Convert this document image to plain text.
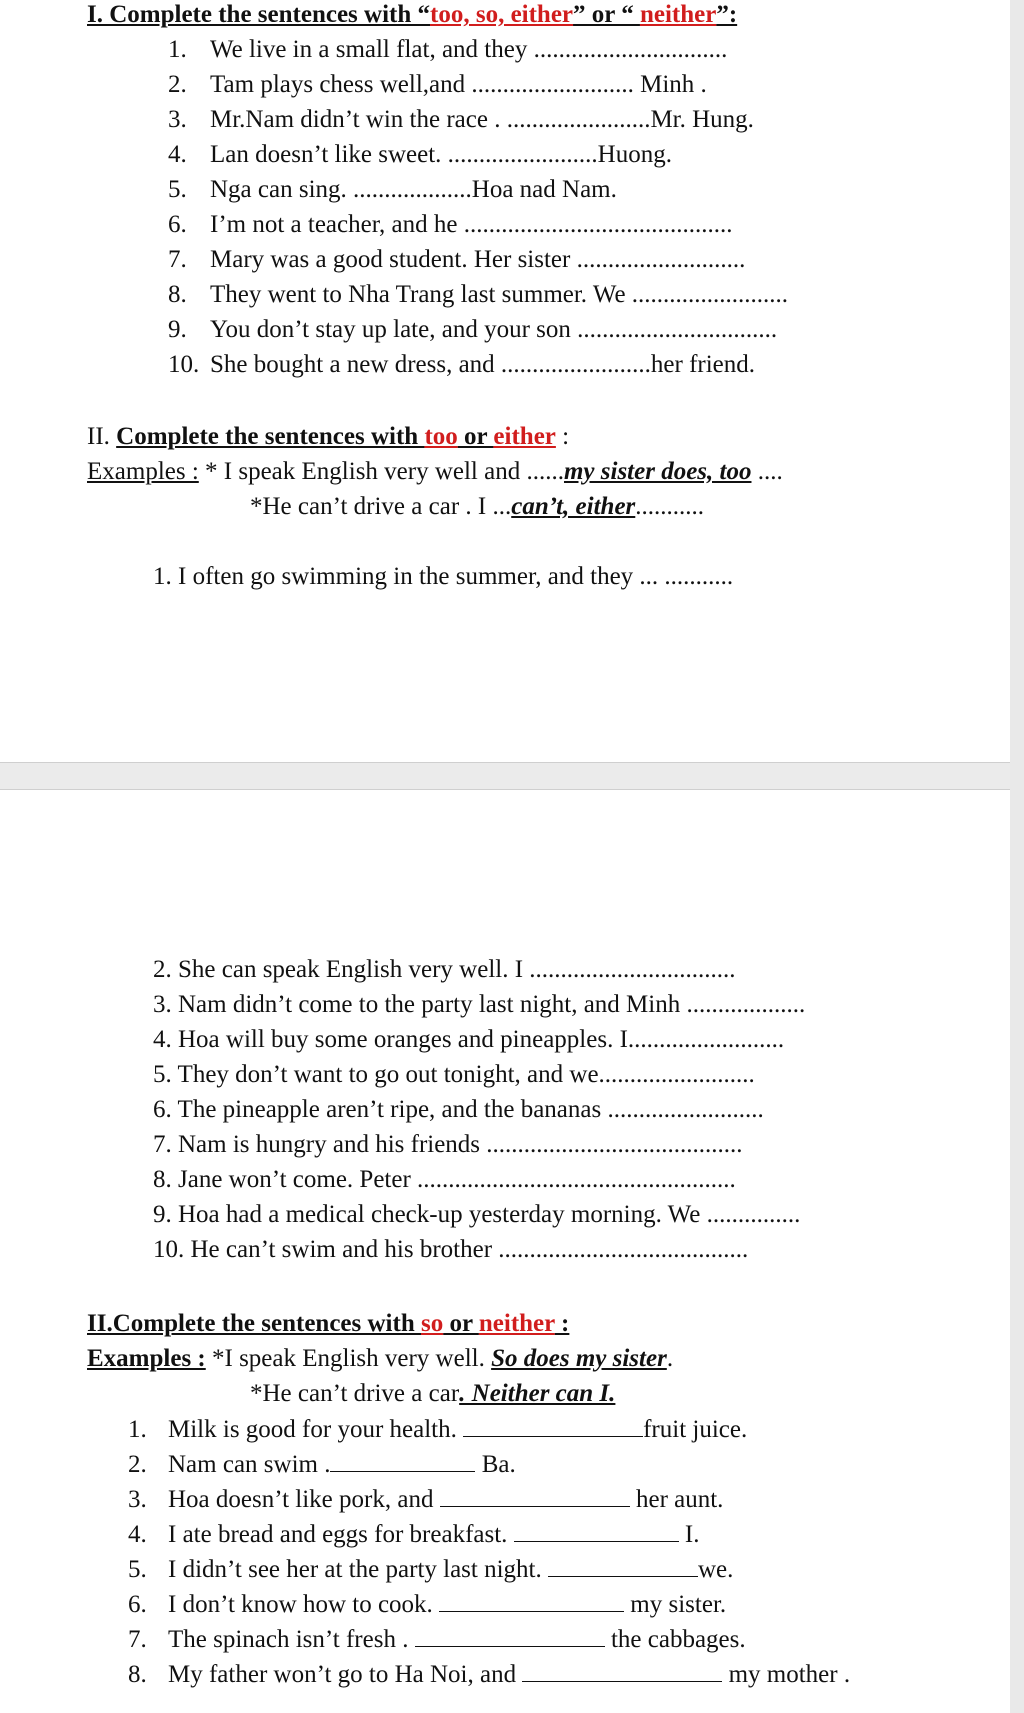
I. Complete the sentences with “too, so, either” or “ neither”:
1. We live in a small flat, and they ...............................
2. Tam plays chess well,and .......................... Minh .
3. Mr.Nam didn’t win the race . .......................Mr. Hung.
4. Lan doesn’t like sweet. ........................Huong.
5. Nga can sing. ...................Hoa nad Nam.
6. I’m not a teacher, and he ...........................................
7. Mary was a good student. Her sister ...........................
8. They went to Nha Trang last summer. We .........................
9. You don’t stay up late, and your son ................................
10. She bought a new dress, and ........................her friend.
II. Complete the sentences with too or either :
Examples : * I speak English very well and ......my sister does, too ....
*He can’t drive a car . I ...can’t, either...........
1. I often go swimming in the summer, and they ... ...........
2. She can speak English very well. I .................................
3. Nam didn’t come to the party last night, and Minh ...................
4. Hoa will buy some oranges and pineapples. I.........................
5. They don’t want to go out tonight, and we.........................
6. The pineapple aren’t ripe, and the bananas .........................
7. Nam is hungry and his friends .........................................
8. Jane won’t come. Peter ...................................................
9. Hoa had a medical check-up yesterday morning. We ...............
10. He can’t swim and his brother ........................................
II.Complete the sentences with so or neither :
Examples : *I speak English very well. So does my sister.
*He can’t drive a car. Neither can I.
1. Milk is good for your health.	fruit juice.
2. Nam can swim .	Ba.
3. Hoa doesn’t like pork, and	her aunt.
4. I ate bread and eggs for breakfast.	I.
5. I didn’t see her at the party last night.	we.
6. I don’t know how to cook.	my sister.
7. The spinach isn’t fresh .	the cabbages.
8. My father won’t go to Ha Noi, and	my mother .
